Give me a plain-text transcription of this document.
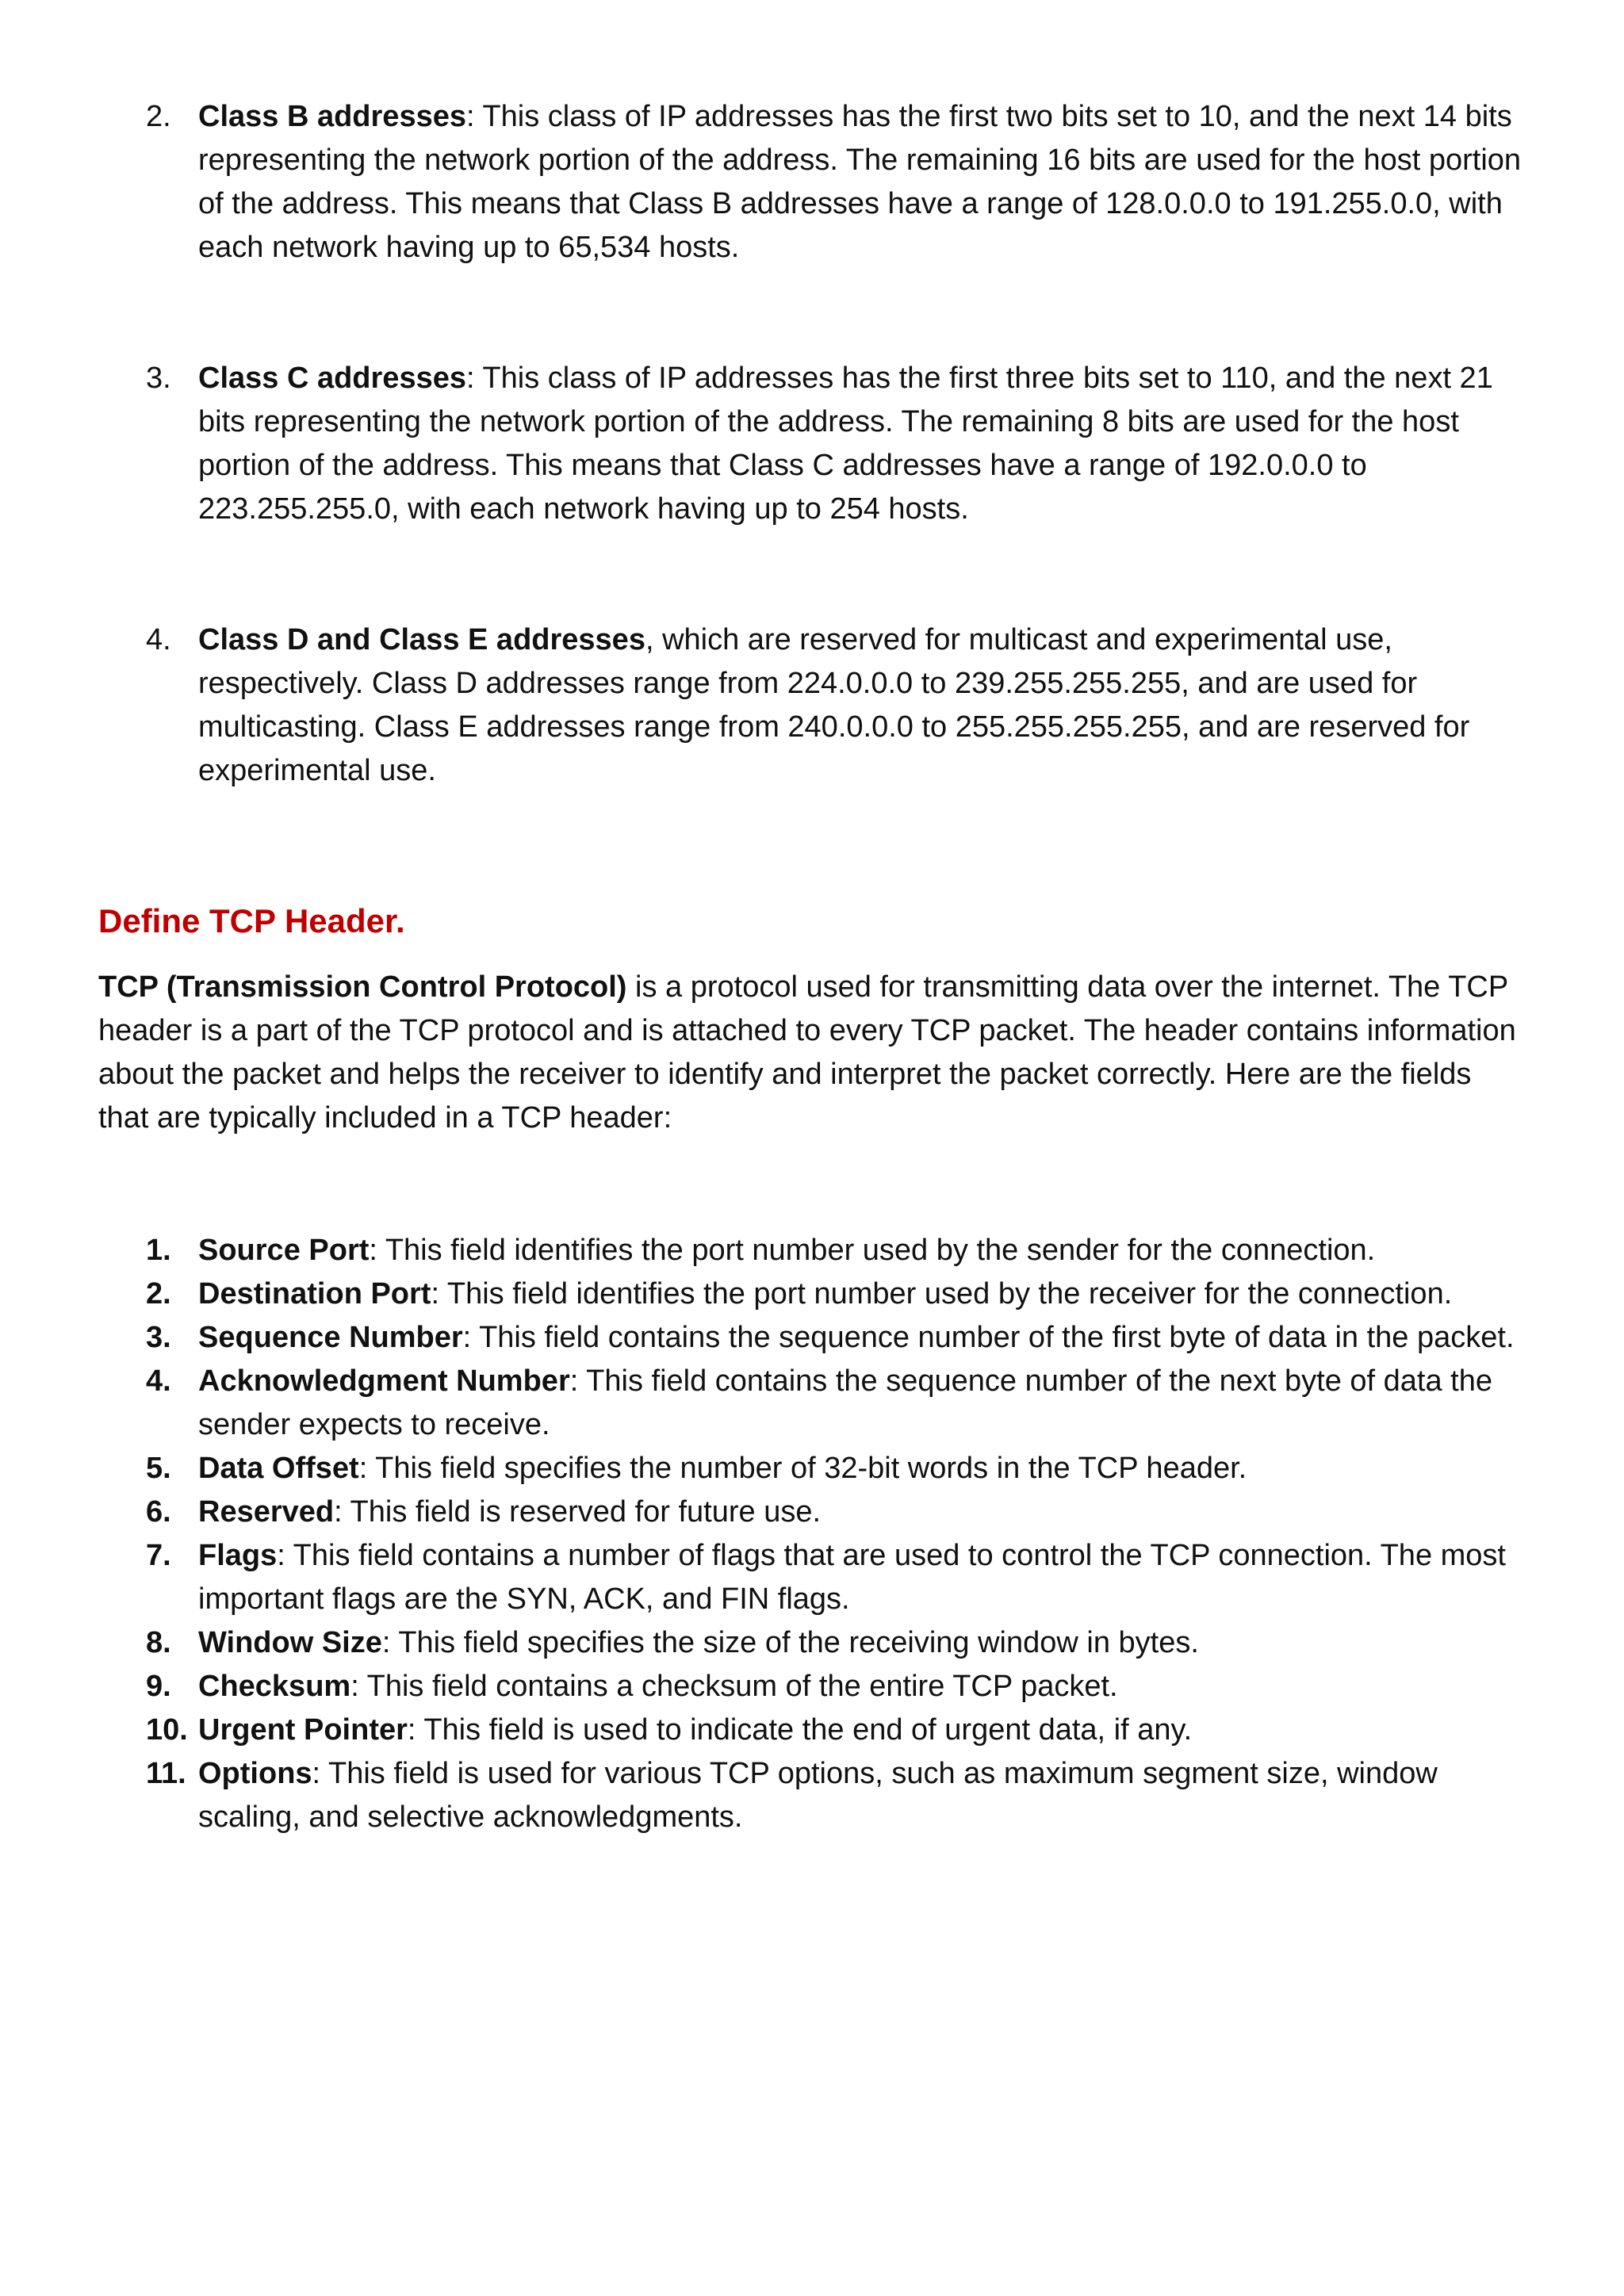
2. Class B addresses: This class of IP addresses has the first two bits set to 10, and the next 14 bits representing the network portion of the address. The remaining 16 bits are used for the host portion of the address. This means that Class B addresses have a range of 128.0.0.0 to 191.255.0.0, with each network having up to 65,534 hosts.
3. Class C addresses: This class of IP addresses has the first three bits set to 110, and the next 21 bits representing the network portion of the address. The remaining 8 bits are used for the host portion of the address. This means that Class C addresses have a range of 192.0.0.0 to 223.255.255.0, with each network having up to 254 hosts.
4. Class D and Class E addresses, which are reserved for multicast and experimental use, respectively. Class D addresses range from 224.0.0.0 to 239.255.255.255, and are used for multicasting. Class E addresses range from 240.0.0.0 to 255.255.255.255, and are reserved for experimental use.
Define TCP Header.

TCP (Transmission Control Protocol) is a protocol used for transmitting data over the internet. The TCP header is a part of the TCP protocol and is attached to every TCP packet. The header contains information about the packet and helps the receiver to identify and interpret the packet correctly. Here are the fields that are typically included in a TCP header:

1. Source Port: This field identifies the port number used by the sender for the connection.
2. Destination Port: This field identifies the port number used by the receiver for the connection.
3. Sequence Number: This field contains the sequence number of the first byte of data in the packet.
4. Acknowledgment Number: This field contains the sequence number of the next byte of data the sender expects to receive.
5. Data Offset: This field specifies the number of 32-bit words in the TCP header.
6. Reserved: This field is reserved for future use.
7. Flags: This field contains a number of flags that are used to control the TCP connection. The most important flags are the SYN, ACK, and FIN flags.
8. Window Size: This field specifies the size of the receiving window in bytes.
9. Checksum: This field contains a checksum of the entire TCP packet.
10. Urgent Pointer: This field is used to indicate the end of urgent data, if any.
11. Options: This field is used for various TCP options, such as maximum segment size, window scaling, and selective acknowledgments.
